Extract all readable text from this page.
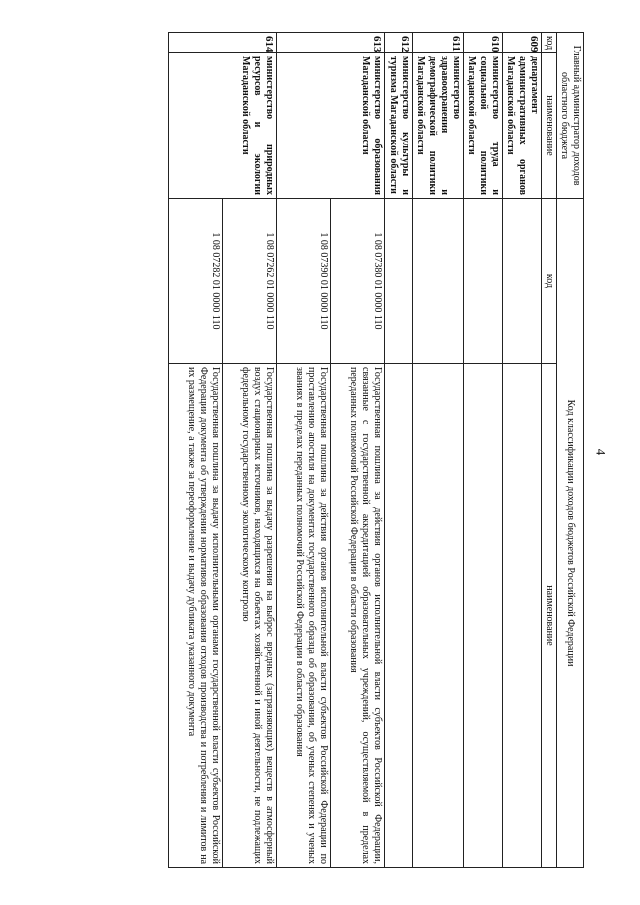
4
Главный администратор доходов областного бюджета		Код классификации доходов бюджетов Российской Федерации	
код	наименование	код	наименование
609	департамент административных органов Магаданской области		
610	министерство труда и социальной политики Магаданской области		
611	министерство здравоохранения и демографической политики Магаданской области		
612	министерство культуры и туризма Магаданской области		
613	министерство образования Магаданской области	1 08 07380 01 0000 110	Государственная пошлина за действия органов исполнительной власти субъектов Российской Федерации, связанные с государственной аккредитацией образовательных учреждений, осуществляемой в пределах переданных полномочий Российской Федерации в области образования
		1 08 07390 01 0000 110	Государственная пошлина за действия органов исполнительной власти субъектов Российской Федерации по проставлению апостиля на документах государственного образца об образовании, об ученых степенях и ученых званиях в пределах переданных полномочий Российской Федерации в области образования
614	министерство природных ресурсов и экологии Магаданской области	1 08 07262 01 0000 110	Государственная пошлина за выдачу разрешения на выброс вредных (загрязняющих) веществ в атмосферный воздух стационарных источников, находящихся на объектах хозяйственной и иной деятельности, не подлежащих федеральному государственному экологическому контролю
		1 08 07282 01 0000 110	Государственная пошлина за выдачу исполнительными органами государственной власти субъектов Российской Федерации документа об утверждении нормативов образования отходов производства и потребления и лимитов на их размещение, а также за переоформление и выдачу дубликата указанного документа
